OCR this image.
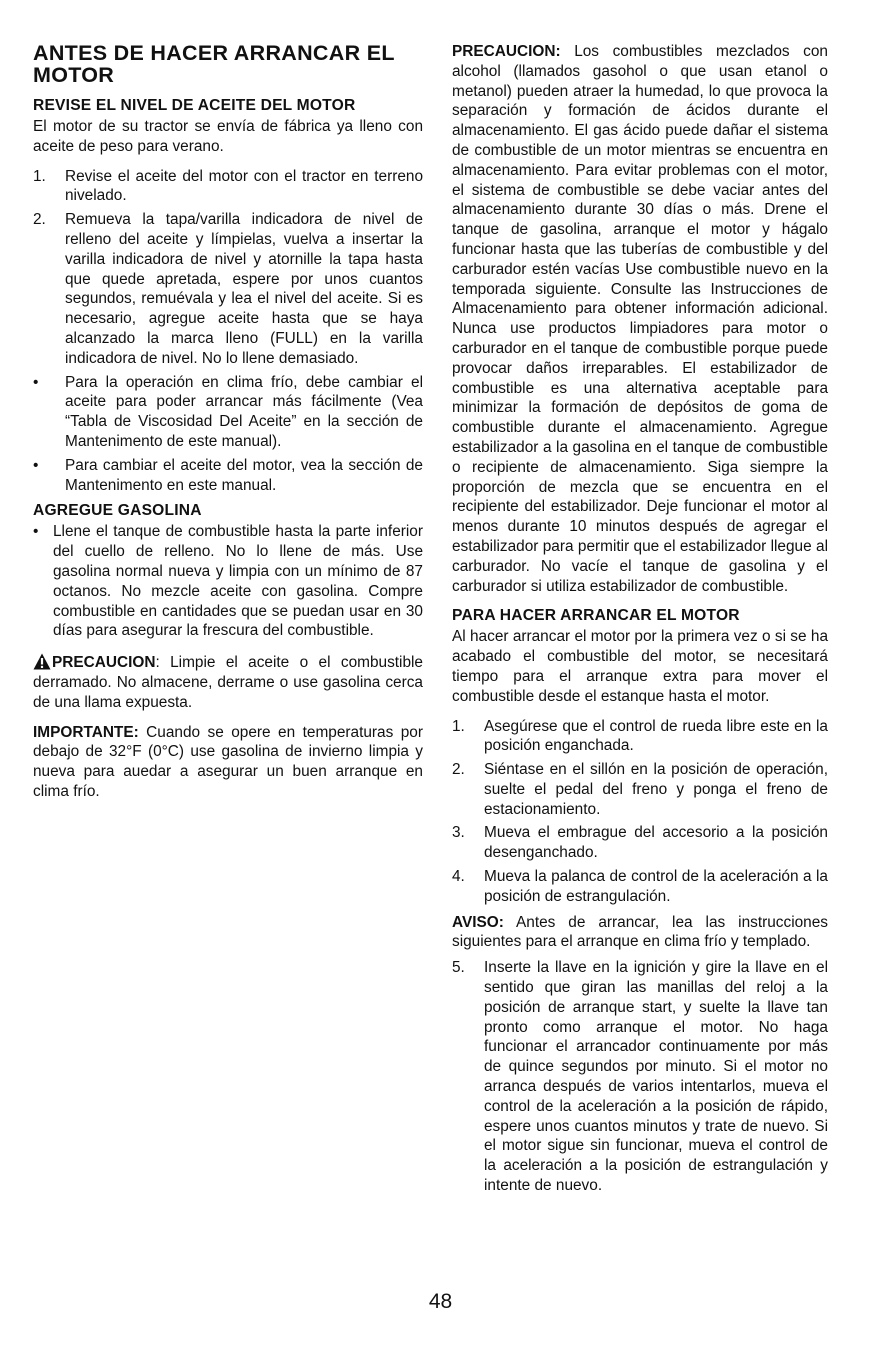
ANTES DE HACER ARRANCAR EL MOTOR
REVISE EL NIVEL DE ACEITE DEL MOTOR

El motor de su tractor se envía de fábrica ya lleno con aceite de peso para verano.

1.	Revise el aceite del motor con el tractor en terreno nivelado.
2.	Remueva la tapa/varilla indicadora de nivel de relleno del aceite y límpielas, vuelva a insertar la varilla indicadora de nivel y atornille la tapa hasta que quede apretada, espere por unos cuantos segundos, remuévala y lea el nivel del aceite. Si es necesario, agregue aceite hasta que se haya alcanzado la marca lleno (FULL) en la varilla indicadora de nivel. No lo llene demasiado.
•	Para la operación en clima frío, debe cambiar el aceite para poder arrancar más fácilmente (Vea “Tabla de Viscosidad Del Aceite” en la sección de Mantenimento de este manual).
•	Para cambiar el aceite del motor, vea la sección de Mantenimento en este manual.
AGREGUE GASOLINA
• Llene el tanque de combustible hasta la parte inferior del cuello de relleno. No lo llene de más. Use gasolina normal nueva y limpia con un mínimo de 87 octanos. No mezcle aceite con gasolina. Compre combustible en cantidades que se puedan usar en 30 días para asegurar la frescura del combustible.

PRECAUCION: Limpie el aceite o el combustible derramado. No almacene, derrame o use gasolina cerca de una llama expuesta.

IMPORTANTE: Cuando se opere en temperaturas por debajo de 32°F (0°C) use gasolina de invierno limpia y nueva para auedar a asegurar un buen arranque en clima frío.

PRECAUCION: Los combustibles mezclados con alcohol (llamados gasohol o que usan etanol o metanol) pueden atraer la humedad, lo que provoca la separación y formación de ácidos durante el almacenamiento. El gas ácido puede dañar el sistema de combustible de un motor mientras se encuentra en almacenamiento. Para evitar problemas con el motor, el sistema de combustible se debe vaciar antes del almacenamiento durante 30 días o más. Drene el tanque de gasolina, arranque el motor y hágalo funcionar hasta que las tuberías de combustible y del carburador estén vacías Use combustible nuevo en la temporada siguiente. Consulte las Instrucciones de Almacenamiento para obtener información adicional. Nunca use productos limpiadores para motor o carburador en el tanque de combustible porque puede provocar daños irreparables. El estabilizador de combustible es una alternativa aceptable para minimizar la formación de depósitos de goma de combustible durante el almacenamiento. Agregue estabilizador a la gasolina en el tanque de combustible o recipiente de almacenamiento. Siga siempre la proporción de mezcla que se encuentra en el recipiente del estabilizador. Deje funcionar el motor al menos durante 10 minutos después de agregar el estabilizador para permitir que el estabilizador llegue al carburador. No vacíe el tanque de gasolina y el carburador si utiliza estabilizador de combustible.

PARA HACER ARRANCAR EL MOTOR

Al hacer arrancar el motor por la primera vez o si se ha acabado el combustible del motor, se necesitará tiempo para el arranque extra para mover el combustible desde el estanque hasta el motor.

1.	Asegúrese que el control de rueda libre este en la posición enganchada.
2.	Siéntase en el sillón en la posición de operación, suelte el pedal del freno y ponga el freno de estacionamiento.
3.	Mueva el embrague del accesorio a la posición desenganchado.
4.	Mueva la palanca de control de la aceleración a la posición de estrangulación.

AVISO: Antes de arrancar, lea las instrucciones siguientes para el arranque en clima frío y templado.

5.	Inserte la llave en la ignición y gire la llave en el sentido que giran las manillas del reloj a la posición de arranque start, y suelte la llave tan pronto como arranque el motor. No haga funcionar el arrancador continuamente por más de quince segundos por minuto. Si el motor no arranca después de varios intentarlos, mueva el control de la aceleración a la posición de rápido, espere unos cuantos minutos y trate de nuevo. Si el motor sigue sin funcionar, mueva el control de la aceleración a la posición de estrangulación y intente de nuevo.
48
